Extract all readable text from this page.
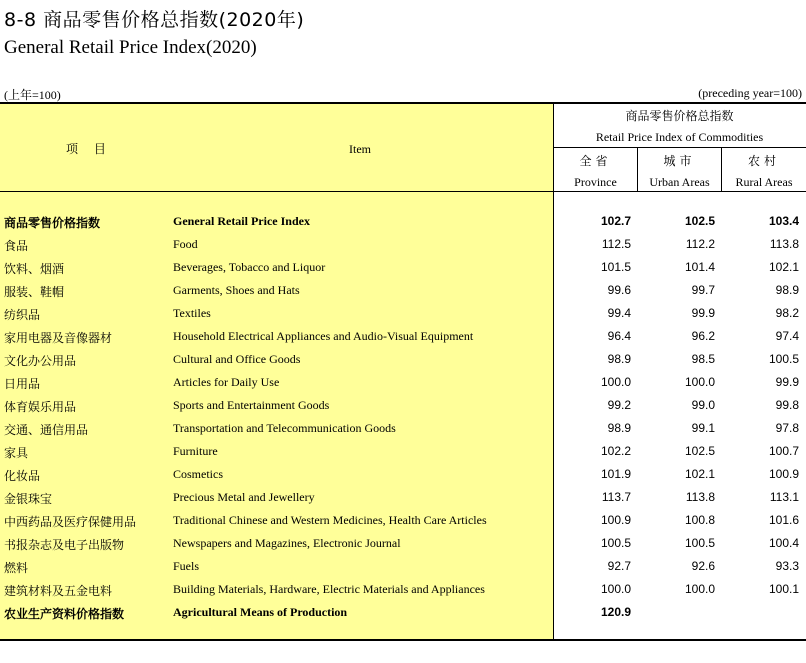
8-8 商品零售价格总指数(2020年)
General Retail Price Index(2020)
(上年=100)	(preceding year=100)
项 目	Item
商品零售价格总指数
Retail Price Index of Commodities
全省
Province
城市
Urban Areas
农村
Rural Areas
商品零售价格指数	General Retail Price Index	102.7	102.5	103.4
食品	Food	112.5	112.2	113.8
饮料、烟酒	Beverages, Tobacco and Liquor	101.5	101.4	102.1
服装、鞋帽	Garments, Shoes and Hats	99.6	99.7	98.9
纺织品	Textiles	99.4	99.9	98.2
家用电器及音像器材	Household Electrical Appliances and Audio-Visual Equipment	96.4	96.2	97.4
文化办公用品	Cultural and Office Goods	98.9	98.5	100.5
日用品	Articles for Daily Use	100.0	100.0	99.9
体育娱乐用品	Sports and Entertainment Goods	99.2	99.0	99.8
交通、通信用品	Transportation and Telecommunication Goods	98.9	99.1	97.8
家具	Furniture	102.2	102.5	100.7
化妆品	Cosmetics	101.9	102.1	100.9
金银珠宝	Precious Metal and Jewellery	113.7	113.8	113.1
中西药品及医疗保健用品	Traditional Chinese and Western Medicines, Health Care Articles	100.9	100.8	101.6
书报杂志及电子出版物	Newspapers and Magazines, Electronic Journal	100.5	100.5	100.4
燃料	Fuels	92.7	92.6	93.3
建筑材料及五金电料	Building Materials, Hardware, Electric Materials and Appliances	100.0	100.0	100.1
农业生产资料价格指数	Agricultural Means of Production	120.9
